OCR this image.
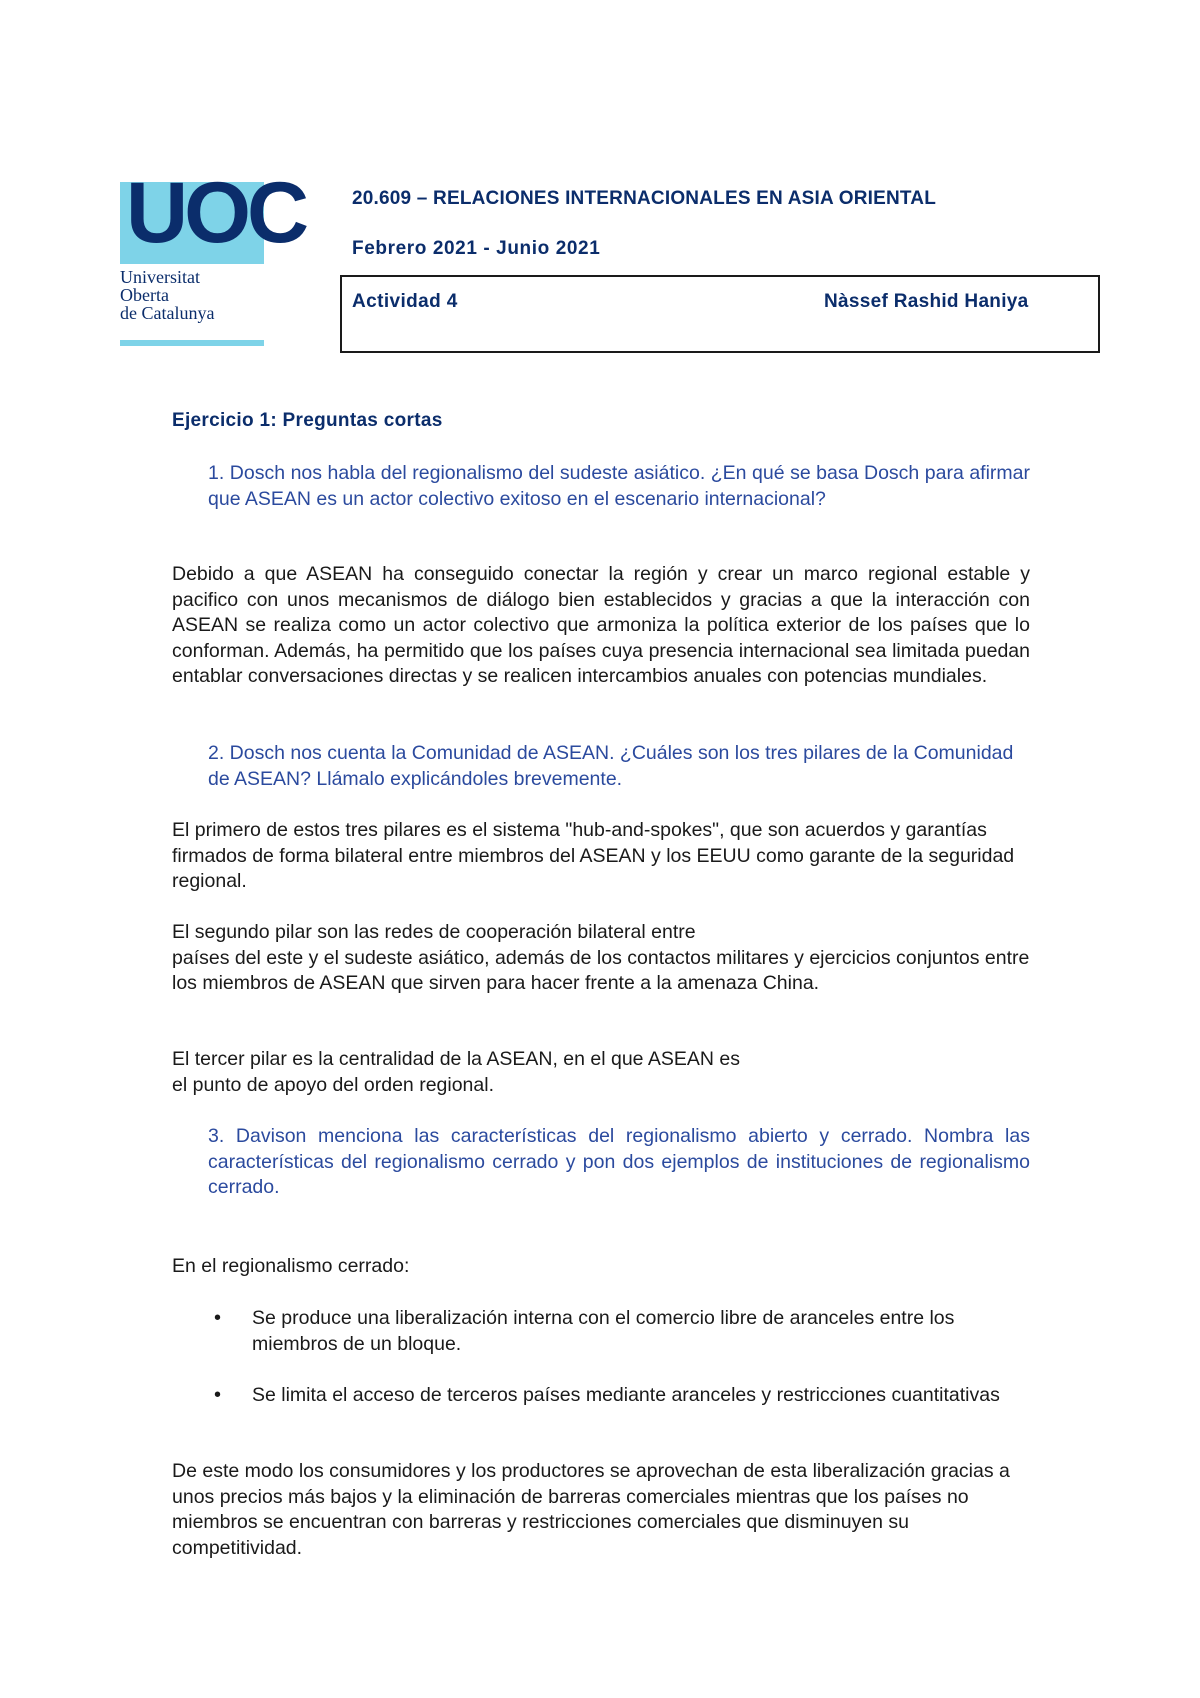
UOC
Universitat
Oberta
de Catalunya
20.609 – RELACIONES INTERNACIONALES EN ASIA ORIENTAL
Febrero 2021 - Junio 2021
Actividad 4	Nàssef Rashid Haniya
Ejercicio 1: Preguntas cortas
1. Dosch nos habla del regionalismo del sudeste asiático. ¿En qué se basa Dosch para afirmar que ASEAN es un actor colectivo exitoso en el escenario internacional?
Debido a que ASEAN ha conseguido conectar la región y crear un marco regional estable y pacifico con unos mecanismos de diálogo bien establecidos y gracias a que la interacción con ASEAN se realiza como un actor colectivo que armoniza la política exterior de los países que lo conforman. Además, ha permitido que los países cuya presencia internacional sea limitada puedan entablar conversaciones directas y se realicen intercambios anuales con potencias mundiales.
2. Dosch nos cuenta la Comunidad de ASEAN. ¿Cuáles son los tres pilares de la Comunidad de ASEAN? Llámalo explicándoles brevemente.
El primero de estos tres pilares es el sistema "hub-and-spokes", que son acuerdos y garantías firmados de forma bilateral entre miembros del ASEAN y los EEUU como garante de la seguridad regional.
El segundo pilar son las redes de cooperación bilateral entre
países del este y el sudeste asiático, además de los contactos militares y ejercicios conjuntos entre los miembros de ASEAN que sirven para hacer frente a la amenaza China.
El tercer pilar es la centralidad de la ASEAN, en el que ASEAN es
el punto de apoyo del orden regional.
3. Davison menciona las características del regionalismo abierto y cerrado. Nombra las características del regionalismo cerrado y pon dos ejemplos de instituciones de regionalismo cerrado.
En el regionalismo cerrado:
• Se produce una liberalización interna con el comercio libre de aranceles entre los miembros de un bloque.
• Se limita el acceso de terceros países mediante aranceles y restricciones cuantitativas
De este modo los consumidores y los productores se aprovechan de esta liberalización gracias a unos precios más bajos y la eliminación de barreras comerciales mientras que los países no miembros se encuentran con barreras y restricciones comerciales que disminuyen su competitividad.
